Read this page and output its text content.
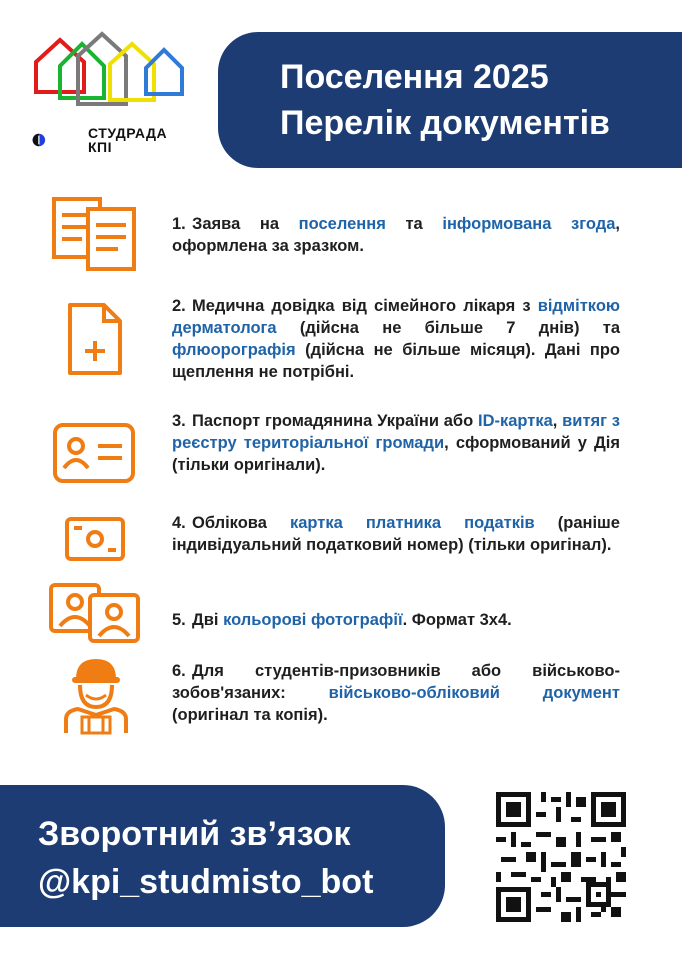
СТУДРАДА
КПІ
Поселення 2025
Перелік документів
1. Заява на поселення та інформована згода, оформлена за зразком.
2. Медична довідка від сімейного лікаря з відміткою дерматолога (дійсна не більше 7 днів) та флюорографія (дійсна не більше місяця). Дані про щеплення не потрібні.
3. Паспорт громадянина України або ID-картка, витяг з реєстру територіальної громади, сформований у Дія (тільки оригінали).
4. Облікова картка платника податків (раніше індивідуальний податковий номер) (тільки оригінал).
5. Дві кольорові фотографії. Формат 3х4.
6. Для студентів-призовників або військово-зобов'язаних: військово-обліковий документ (оригінал та копія).
Зворотний зв’язок
@kpi_studmisto_bot
